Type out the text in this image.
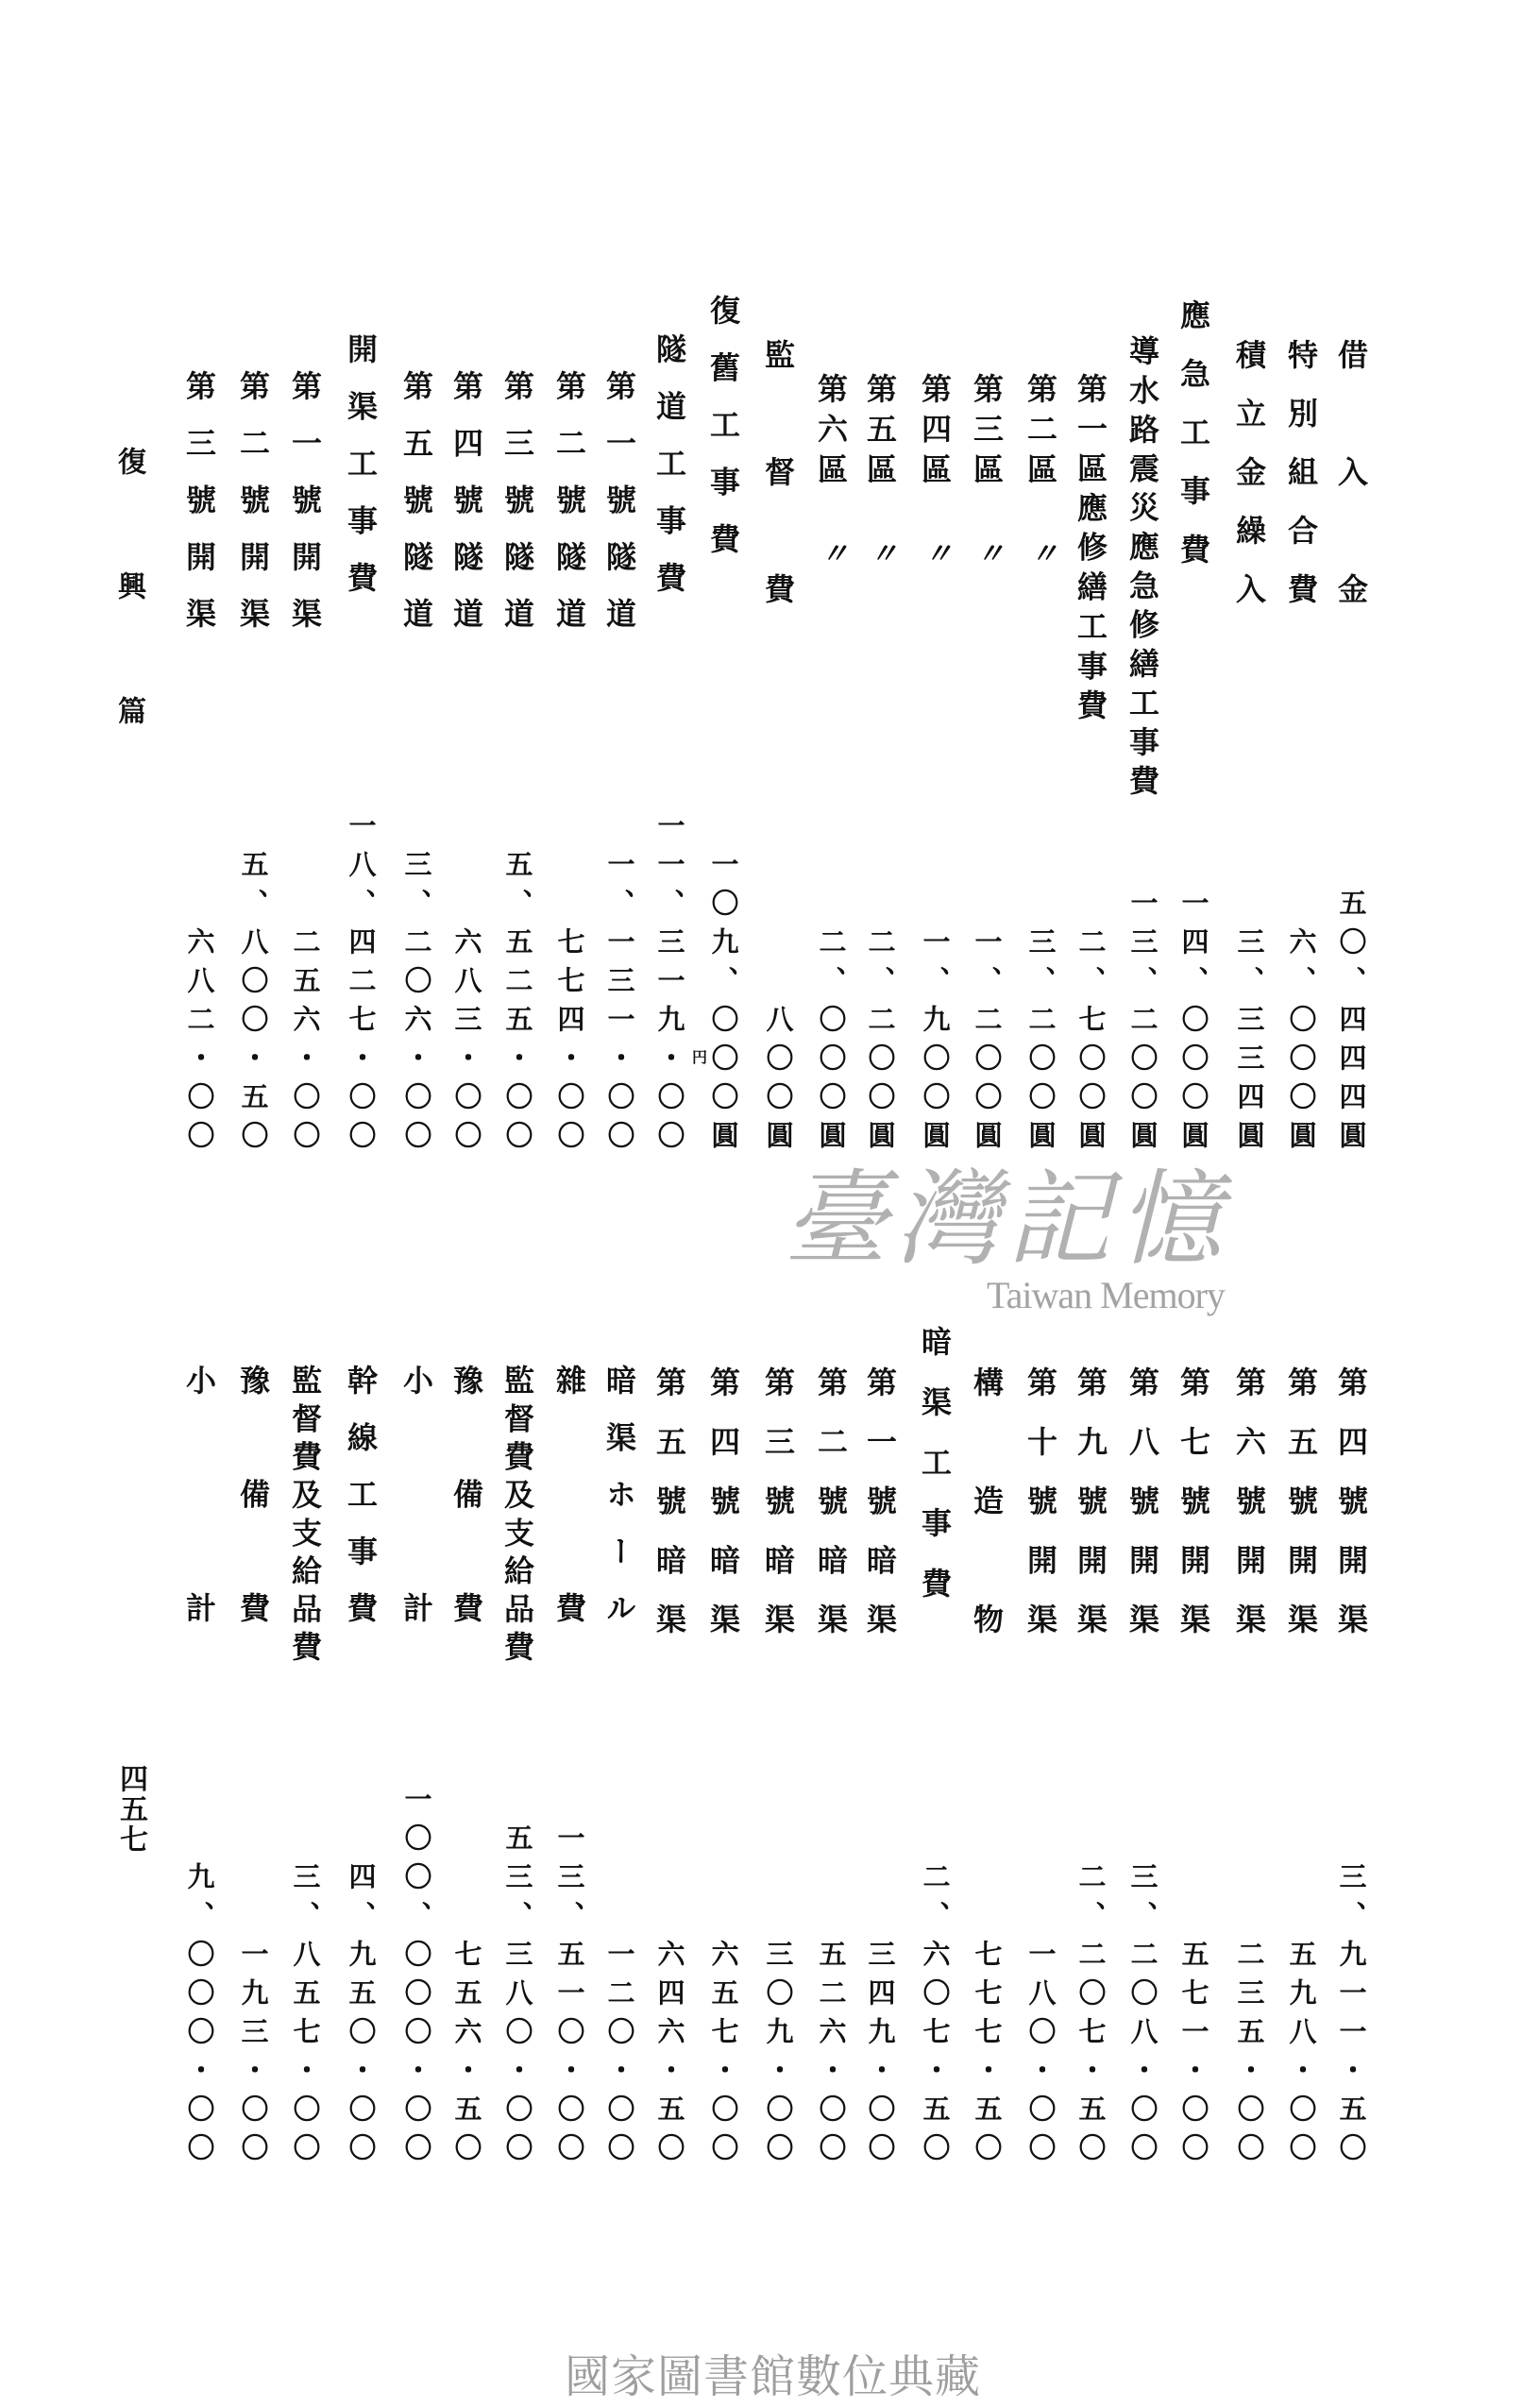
復興篇
四五七
借入金
五〇、四四四圓
特別組合費
六、〇〇〇圓
積立金繰入
三、三三四圓
應急工事費
一四、〇〇〇圓
導水路震災應急修繕工事費
一三、二〇〇圓
第一區應修繕工事費
二、七〇〇圓
第二區
〃
三、二〇〇圓
第三區
〃
一、二〇〇圓
第四區
〃
一、九〇〇圓
第五區
〃
二、二〇〇圓
第六區
〃
二、〇〇〇圓
監督費
八〇〇圓
復舊工事費
一〇九、〇〇〇圓
隧道工事費
一一、三一九・〇〇
第一號隧道
一、一三一・〇〇
第二號隧道
七七四・〇〇
第三號隧道
五、五二五・〇〇
第四號隧道
六八三・〇〇
第五號隧道
三、二〇六・〇〇
開渠工事費
一八、四二七・〇〇
第一號開渠
二五六・〇〇
第二號開渠
五、八〇〇・五〇
第三號開渠
六八二・〇〇
第四號開渠
三、九一一・五〇
第五號開渠
五九八・〇〇
第六號開渠
二三五・〇〇
第七號開渠
五七一・〇〇
第八號開渠
三、二〇八・〇〇
第九號開渠
二、二〇七・五〇
第十號開渠
一八〇・〇〇
構造物
七七七・五〇
暗渠工事費
二、六〇七・五〇
第一號暗渠
三四九・〇〇
第二號暗渠
五二六・〇〇
第三號暗渠
三〇九・〇〇
第四號暗渠
六五七・〇〇
第五號暗渠
六四六・五〇
暗渠ホール
一二〇・〇〇
雜費
一三、五一〇・〇〇
監督費及支給品費
五三、三八〇・〇〇
豫備費
七五六・五〇
小計
一〇〇、〇〇〇・〇〇
幹線工事費
四、九五〇・〇〇
監督費及支給品費
三、八五七・〇〇
豫備費
一九三・〇〇
小計
九、〇〇〇・〇〇
円
臺灣記憶
Taiwan Memory
國家圖書館數位典藏
